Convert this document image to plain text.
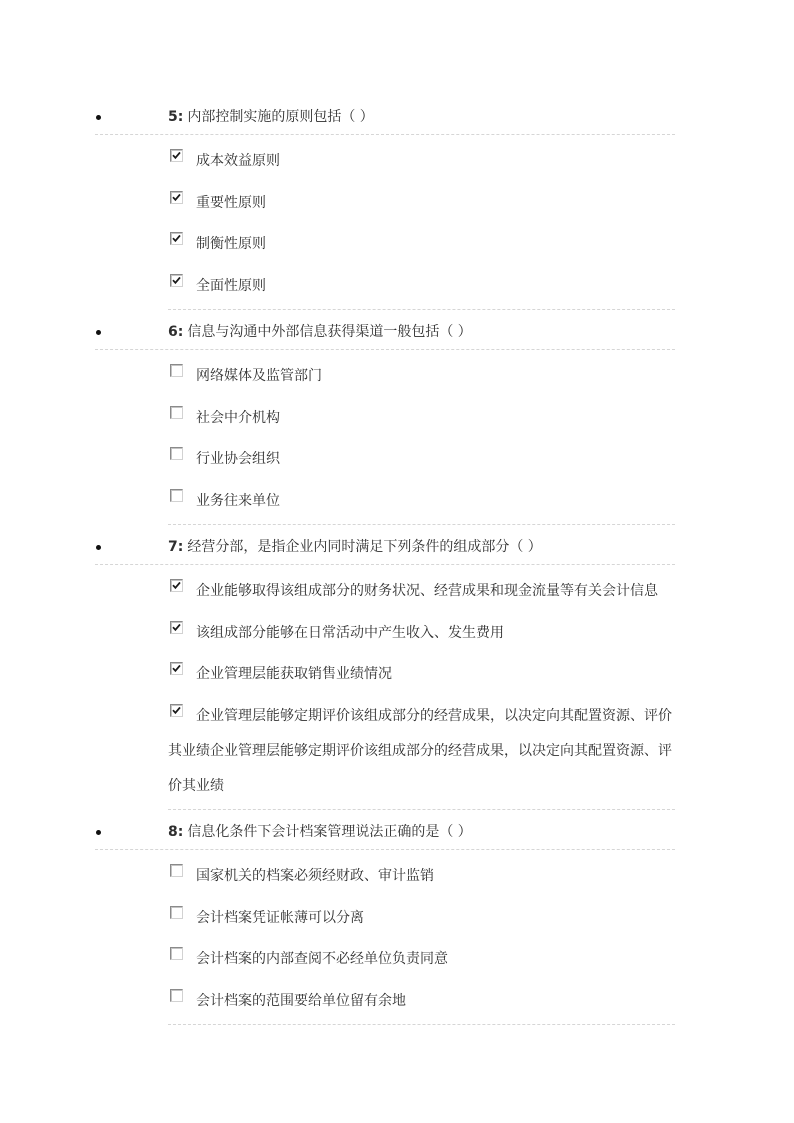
5: 内部控制实施的原则包括（ ）
成本效益原则
重要性原则
制衡性原则
全面性原则
6: 信息与沟通中外部信息获得渠道一般包括（ ）
网络媒体及监管部门
社会中介机构
行业协会组织
业务往来单位
7: 经营分部，是指企业内同时满足下列条件的组成部分（ ）
企业能够取得该组成部分的财务状况、经营成果和现金流量等有关会计信息
该组成部分能够在日常活动中产生收入、发生费用
企业管理层能获取销售业绩情况
企业管理层能够定期评价该组成部分的经营成果，以决定向其配置资源、评价其业绩企业管理层能够定期评价该组成部分的经营成果，以决定向其配置资源、评价其业绩
8: 信息化条件下会计档案管理说法正确的是（ ）
国家机关的档案必须经财政、审计监销
会计档案凭证帐薄可以分离
会计档案的内部查阅不必经单位负责同意
会计档案的范围要给单位留有余地
